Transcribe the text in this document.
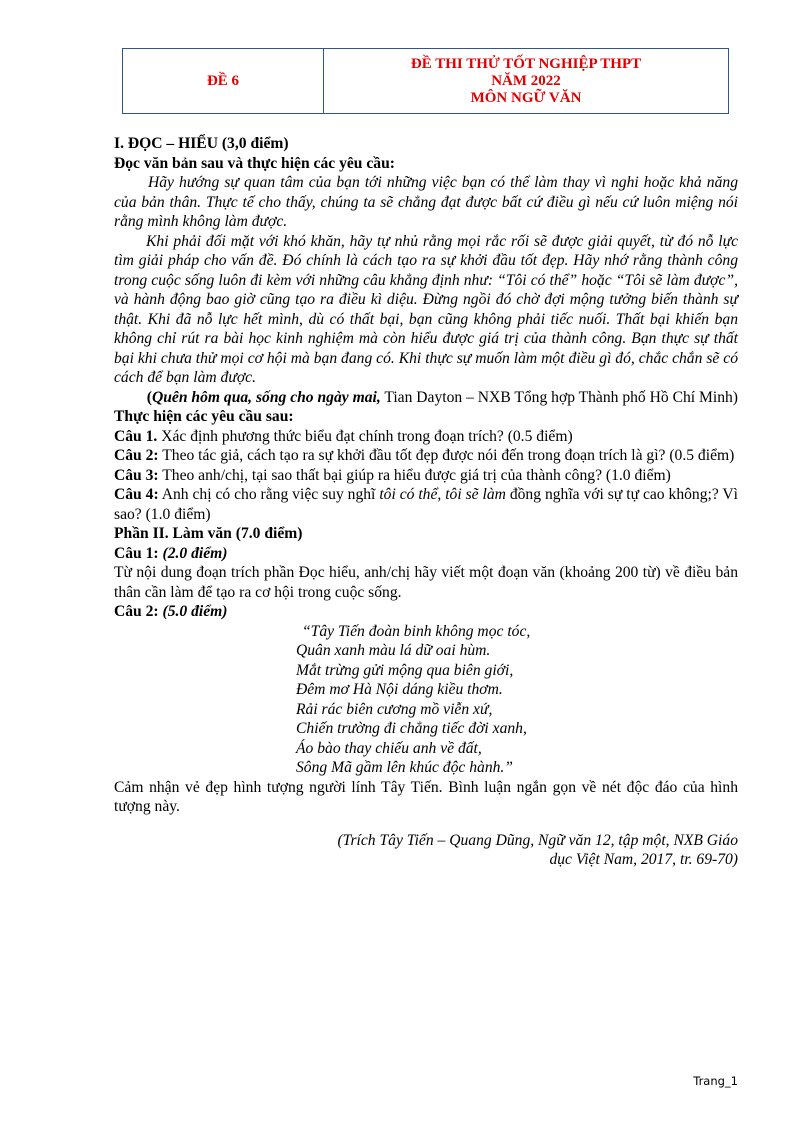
ĐỀ 6
ĐỀ THI THỬ TỐT NGHIỆP THPT
NĂM 2022
MÔN NGỮ VĂN

I. ĐỌC – HIỂU (3,0 điểm)

Đọc văn bản sau và thực hiện các yêu cầu:

Hãy hướng sự quan tâm của bạn tới những việc bạn có thể làm thay vì nghi hoặc khả năng của bản thân. Thực tế cho thấy, chúng ta sẽ chẳng đạt được bất cứ điều gì nếu cứ luôn miệng nói rằng mình không làm được.

Khi phải đối mặt với khó khăn, hãy tự nhủ rằng mọi rắc rối sẽ được giải quyết, từ đó nỗ lực tìm giải pháp cho vấn đề. Đó chính là cách tạo ra sự khởi đầu tốt đẹp. Hãy nhớ rằng thành công trong cuộc sống luôn đi kèm với những câu khẳng định như: “Tôi có thể” hoặc “Tôi sẽ làm được”, và hành động bao giờ cũng tạo ra điều kì diệu. Đừng ngồi đó chờ đợi mộng tưởng biến thành sự thật. Khi đã nỗ lực hết mình, dù có thất bại, bạn cũng không phải tiếc nuối. Thất bại khiến bạn không chỉ rút ra bài học kinh nghiệm mà còn hiểu được giá trị của thành công. Bạn thực sự thất bại khi chưa thử mọi cơ hội mà bạn đang có. Khi thực sự muốn làm một điều gì đó, chắc chắn sẽ có cách để bạn làm được.

(Quên hôm qua, sống cho ngày mai, Tian Dayton – NXB Tổng hợp Thành phố Hồ Chí Minh)

Thực hiện các yêu cầu sau:

Câu 1. Xác định phương thức biểu đạt chính trong đoạn trích? (0.5 điểm)

Câu 2: Theo tác giả, cách tạo ra sự khởi đầu tốt đẹp được nói đến trong đoạn trích là gì? (0.5 điểm)

Câu 3: Theo anh/chị, tại sao thất bại giúp ra hiểu được giá trị của thành công? (1.0 điểm)

Câu 4: Anh chị có cho rằng việc suy nghĩ tôi có thể, tôi sẽ làm đồng nghĩa với sự tự cao không;? Vì sao? (1.0 điểm)

Phần II. Làm văn (7.0 điểm)

Câu 1: (2.0 điểm)

Từ nội dung đoạn trích phần Đọc hiểu, anh/chị hãy viết một đoạn văn (khoảng 200 từ) về điều bản thân cần làm để tạo ra cơ hội trong cuộc sống.

Câu 2: (5.0 điểm)

“Tây Tiến đoàn binh không mọc tóc,
Quân xanh màu lá dữ oai hùm.
Mắt trừng gửi mộng qua biên giới,
Đêm mơ Hà Nội dáng kiều thơm.
Rải rác biên cương mồ viễn xứ,
Chiến trường đi chẳng tiếc đời xanh,
Áo bào thay chiếu anh về đất,
Sông Mã gầm lên khúc độc hành.”

Cảm nhận vẻ đẹp hình tượng người lính Tây Tiến. Bình luận ngắn gọn về nét độc đáo của hình tượng này.

(Trích Tây Tiến – Quang Dũng, Ngữ văn 12, tập một, NXB Giáo dục Việt Nam, 2017, tr. 69-70)

Trang_1
